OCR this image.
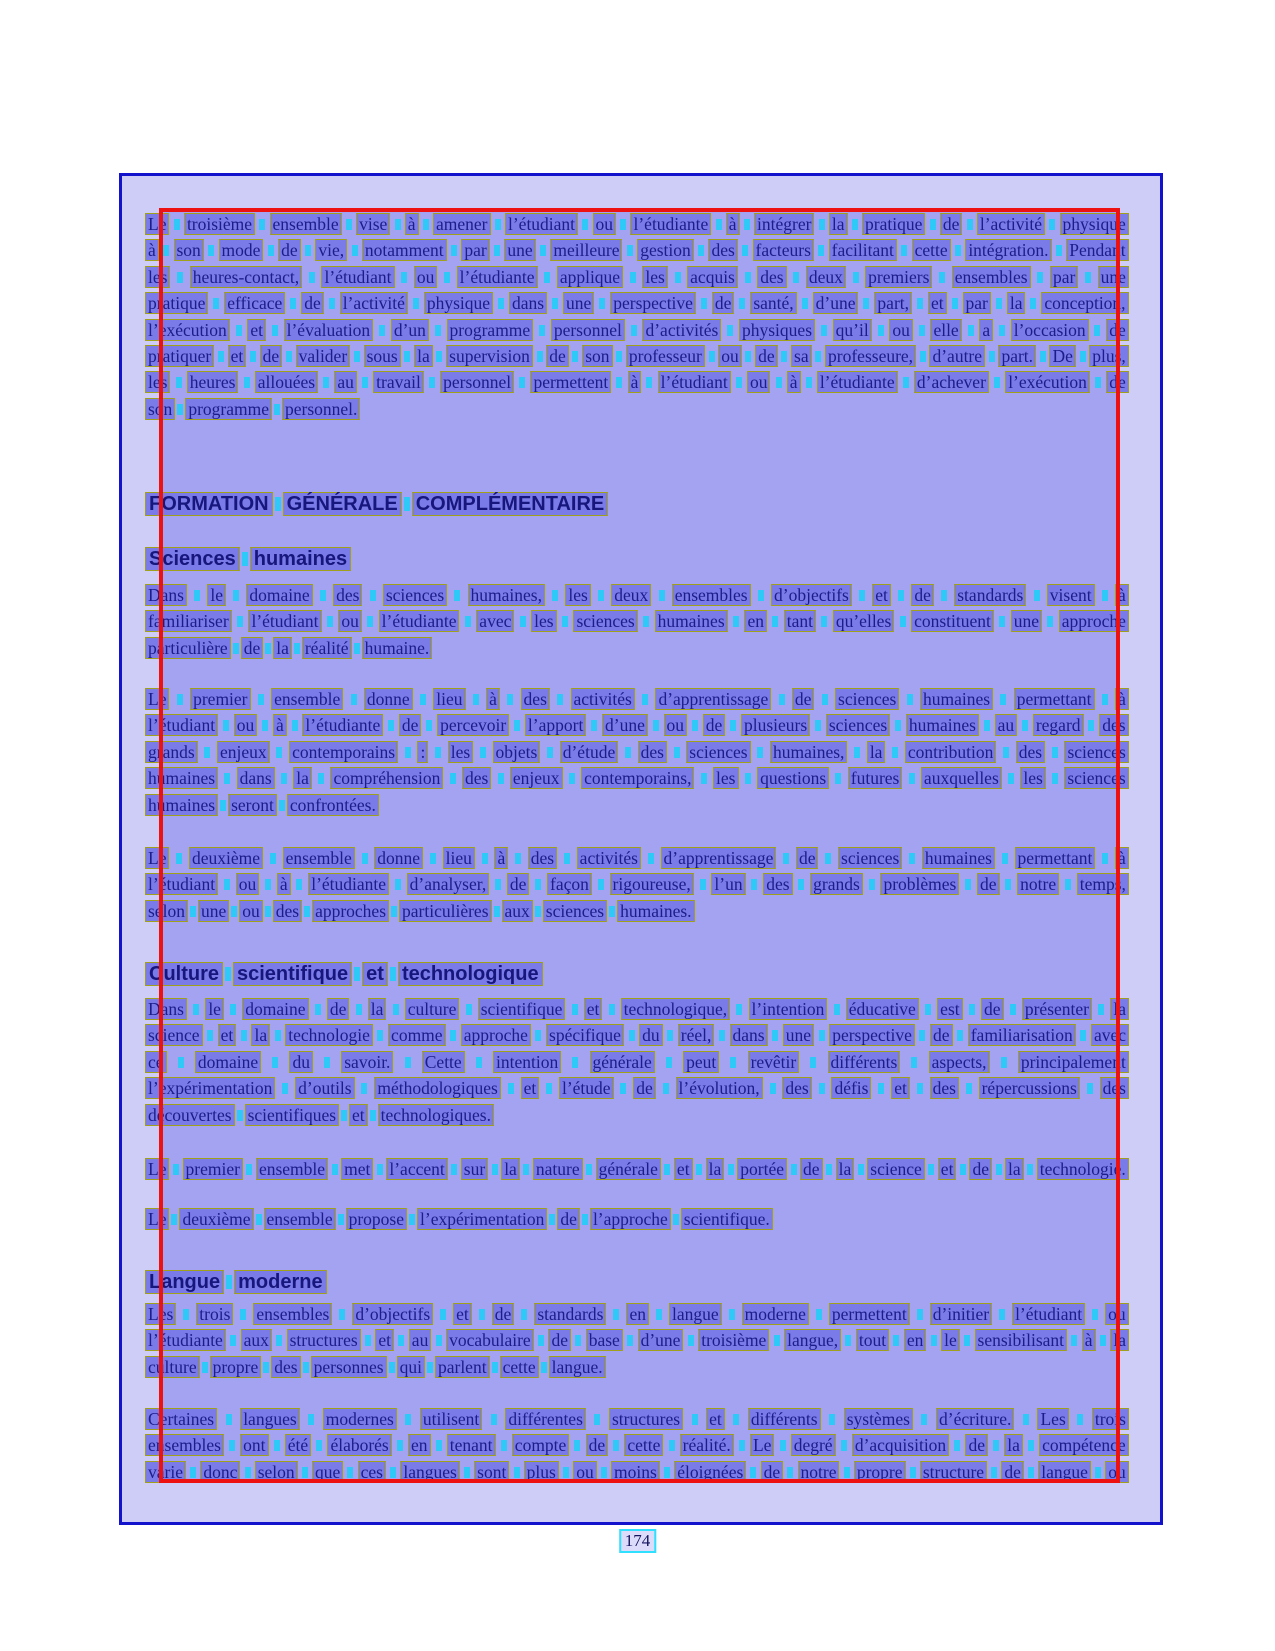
Le troisième ensemble vise à amener l’étudiant ou l’étudiante à intégrer la pratique de l’activité physique
à son mode de vie, notamment par une meilleure gestion des facteurs facilitant cette intégration. Pendant
les heures-contact, l’étudiant ou l’étudiante applique les acquis des deux premiers ensembles par une
pratique efficace de l’activité physique dans une perspective de santé, d’une part, et par la conception,
l’exécution et l’évaluation d’un programme personnel d’activités physiques qu’il ou elle a l’occasion de
pratiquer et de valider sous la supervision de son professeur ou de sa professeure, d’autre part. De plus,
les heures allouées au travail personnel permettent à l’étudiant ou à l’étudiante d’achever l’exécution de
son programme personnel.
FORMATION GÉNÉRALE COMPLÉMENTAIRE
Sciences humaines
Dans le domaine des sciences humaines, les deux ensembles d’objectifs et de standards visent à
familiariser l’étudiant ou l’étudiante avec les sciences humaines en tant qu’elles constituent une approche
particulière de la réalité humaine.
Le premier ensemble donne lieu à des activités d’apprentissage de sciences humaines permettant à
l’étudiant ou à l’étudiante de percevoir l’apport d’une ou de plusieurs sciences humaines au regard des
grands enjeux contemporains : les objets d’étude des sciences humaines, la contribution des sciences
humaines dans la compréhension des enjeux contemporains, les questions futures auxquelles les sciences
humaines seront confrontées.
Le deuxième ensemble donne lieu à des activités d’apprentissage de sciences humaines permettant à
l’étudiant ou à l’étudiante d’analyser, de façon rigoureuse, l’un des grands problèmes de notre temps,
selon une ou des approches particulières aux sciences humaines.
Culture scientifique et technologique
Dans le domaine de la culture scientifique et technologique, l’intention éducative est de présenter la
science et la technologie comme approche spécifique du réel, dans une perspective de familiarisation avec
ce domaine du savoir. Cette intention générale peut revêtir différents aspects, principalement
l’expérimentation d’outils méthodologiques et l’étude de l’évolution, des défis et des répercussions des
découvertes scientifiques et technologiques.
Le premier ensemble met l’accent sur la nature générale et la portée de la science et de la technologie.
Le deuxième ensemble propose l’expérimentation de l’approche scientifique.
Langue moderne
Les trois ensembles d’objectifs et de standards en langue moderne permettent d’initier l’étudiant ou
l’étudiante aux structures et au vocabulaire de base d’une troisième langue, tout en le sensibilisant à la
culture propre des personnes qui parlent cette langue.
Certaines langues modernes utilisent différentes structures et différents systèmes d’écriture. Les trois
ensembles ont été élaborés en tenant compte de cette réalité. Le degré d’acquisition de la compétence
varie donc selon que ces langues sont plus ou moins éloignées de notre propre structure de langue ou
174
